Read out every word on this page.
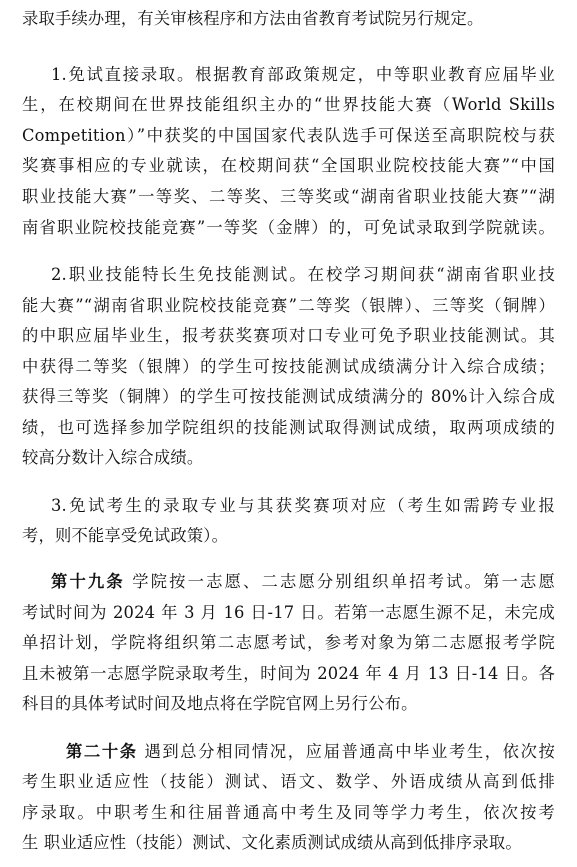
录取手续办理，有关审核程序和方法由省教育考试院另行规定。
1.免试直接录取。根据教育部政策规定，中等职业教育应届毕业
生，在校期间在世界技能组织主办的“世界技能大赛（World Skills
Competition）”中获奖的中国国家代表队选手可保送至高职院校与获
奖赛事相应的专业就读，在校期间获“全国职业院校技能大赛”“中国
职业技能大赛”一等奖、二等奖、三等奖或“湖南省职业技能大赛”“湖
南省职业院校技能竞赛”一等奖（金牌）的，可免试录取到学院就读。
2.职业技能特长生免技能测试。在校学习期间获“湖南省职业技
能大赛”“湖南省职业院校技能竞赛”二等奖（银牌）、三等奖（铜牌）
的中职应届毕业生，报考获奖赛项对口专业可免予职业技能测试。其
中获得二等奖（银牌）的学生可按技能测试成绩满分计入综合成绩；
获得三等奖（铜牌）的学生可按技能测试成绩满分的 80%计入综合成
绩，也可选择参加学院组织的技能测试取得测试成绩，取两项成绩的
较高分数计入综合成绩。
3.免试考生的录取专业与其获奖赛项对应（考生如需跨专业报
考，则不能享受免试政策）。
第十九条 学院按一志愿、二志愿分别组织单招考试。第一志愿
考试时间为 2024 年 3 月 16 日-17 日。若第一志愿生源不足，未完成
单招计划，学院将组织第二志愿考试，参考对象为第二志愿报考学院
且未被第一志愿学院录取考生，时间为 2024 年 4 月 13 日-14 日。各
科目的具体考试时间及地点将在学院官网上另行公布。
第二十条 遇到总分相同情况，应届普通高中毕业考生，依次按
考生职业适应性（技能）测试、语文、数学、外语成绩从高到低排
序录取。中职考生和往届普通高中考生及同等学力考生，依次按考
生 职业适应性（技能）测试、文化素质测试成绩从高到低排序录取。
